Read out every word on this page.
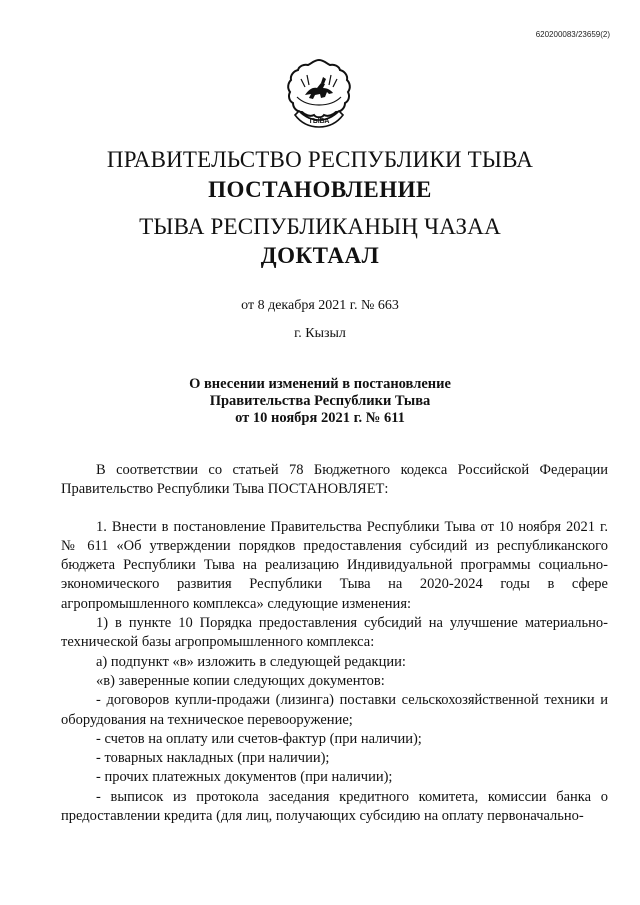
620200083/23659(2)
ТЫВА
ПРАВИТЕЛЬСТВО РЕСПУБЛИКИ ТЫВА
ПОСТАНОВЛЕНИЕ
ТЫВА РЕСПУБЛИКАНЫҢ ЧАЗАА
ДОКТААЛ
от 8 декабря 2021 г. № 663
г. Кызыл
О внесении изменений в постановление
Правительства Республики Тыва
от 10 ноября 2021 г. № 611

В соответствии со статьей 78 Бюджетного кодекса Российской Федерации Правительство Республики Тыва ПОСТАНОВЛЯЕТ:

1. Внести в постановление Правительства Республики Тыва от 10 ноября 2021 г. № 611 «Об утверждении порядков предоставления субсидий из республиканского бюджета Республики Тыва на реализацию Индивидуальной программы социально-экономического развития Республики Тыва на 2020-2024 годы в сфере агропромышленного комплекса» следующие изменения:

1) в пункте 10 Порядка предоставления субсидий на улучшение материально-технической базы агропромышленного комплекса:

а) подпункт «в» изложить в следующей редакции:

«в) заверенные копии следующих документов:

- договоров купли-продажи (лизинга) поставки сельскохозяйственной техники и оборудования на техническое перевооружение;

- счетов на оплату или счетов-фактур (при наличии);

- товарных накладных (при наличии);

- прочих платежных документов (при наличии);

- выписок из протокола заседания кредитного комитета, комиссии банка о предоставлении кредита (для лиц, получающих субсидию на оплату первоначально-
